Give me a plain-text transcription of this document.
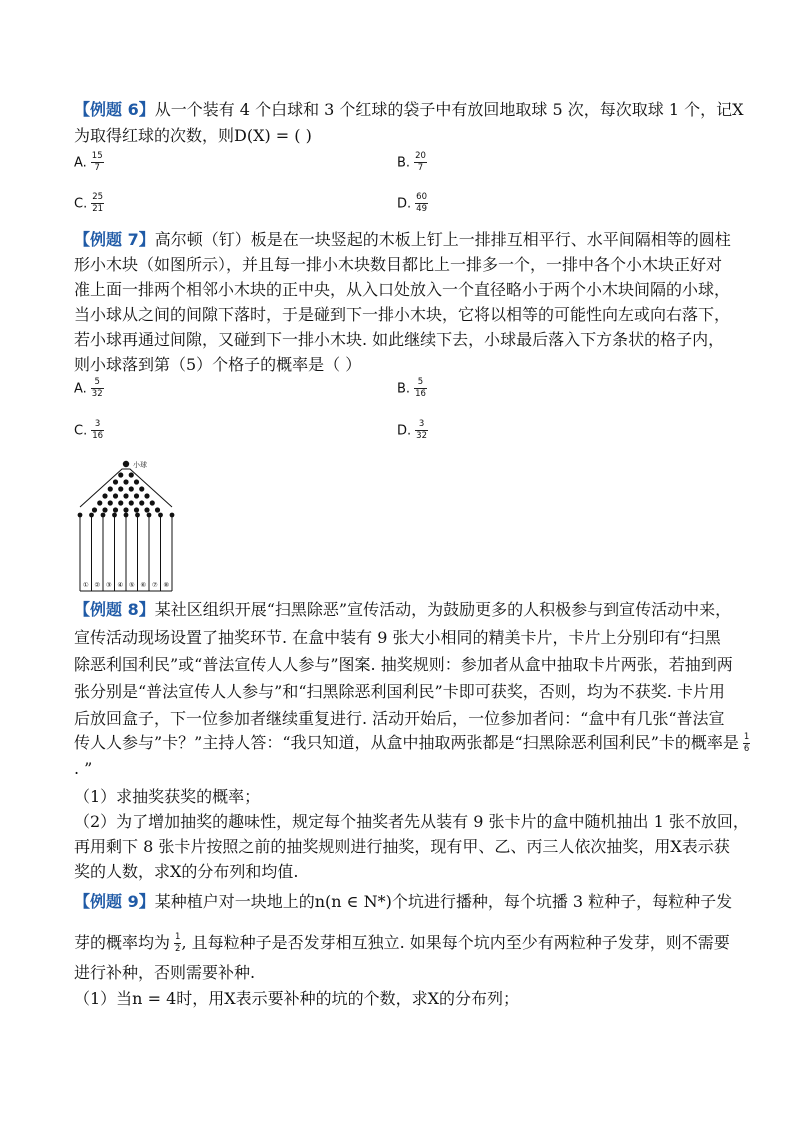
【例题 6】从一个装有 4 个白球和 3 个红球的袋子中有放回地取球 5 次，每次取球 1 个，记X
为取得红球的次数，则D(X) = ( )
A. $\frac{15}{7}$	B. $\frac{20}{7}$
C. $\frac{25}{21}$	D. $\frac{60}{49}$
【例题 7】高尔顿（钉）板是在一块竖起的木板上钉上一排排互相平行、水平间隔相等的圆柱
形小木块（如图所示），并且每一排小木块数目都比上一排多一个，一排中各个小木块正好对
准上面一排两个相邻小木块的正中央，从入口处放入一个直径略小于两个小木块间隔的小球，
当小球从之间的间隙下落时，于是碰到下一排小木块，它将以相等的可能性向左或向右落下，
若小球再通过间隙，又碰到下一排小木块. 如此继续下去，小球最后落入下方条状的格子内，
则小球落到第（5）个格子的概率是（ ）
A. $\frac{5}{32}$	B. $\frac{5}{16}$
C. $\frac{3}{16}$	D. $\frac{3}{32}$
① ② ③ ④ ⑤ ⑥ ⑦ ⑧
小球
【例题 8】某社区组织开展“扫黑除恶”宣传活动，为鼓励更多的人积极参与到宣传活动中来，
宣传活动现场设置了抽奖环节. 在盒中装有 9 张大小相同的精美卡片，卡片上分别印有“扫黑
除恶利国利民”或“普法宣传人人参与”图案. 抽奖规则：参加者从盒中抽取卡片两张，若抽到两
张分别是“普法宣传人人参与”和“扫黑除恶利国利民”卡即可获奖，否则，均为不获奖. 卡片用
后放回盒子，下一位参加者继续重复进行. 活动开始后，一位参加者问：“盒中有几张“普法宣
传人人参与”卡？”主持人答：“我只知道，从盒中抽取两张都是“扫黑除恶利国利民”卡的概率是 $\frac{1}{6}$
. ”
（1）求抽奖获奖的概率；
（2）为了增加抽奖的趣味性，规定每个抽奖者先从装有 9 张卡片的盒中随机抽出 1 张不放回，
再用剩下 8 张卡片按照之前的抽奖规则进行抽奖，现有甲、乙、丙三人依次抽奖，用X表示获
奖的人数，求X的分布列和均值.
【例题 9】某种植户对一块地上的n(n ∈ N*)个坑进行播种，每个坑播 3 粒种子，每粒种子发
芽的概率均为 $\frac{1}{2}$ , 且每粒种子是否发芽相互独立. 如果每个坑内至少有两粒种子发芽，则不需要
进行补种，否则需要补种.
（1）当n = 4时，用X表示要补种的坑的个数，求X的分布列；
